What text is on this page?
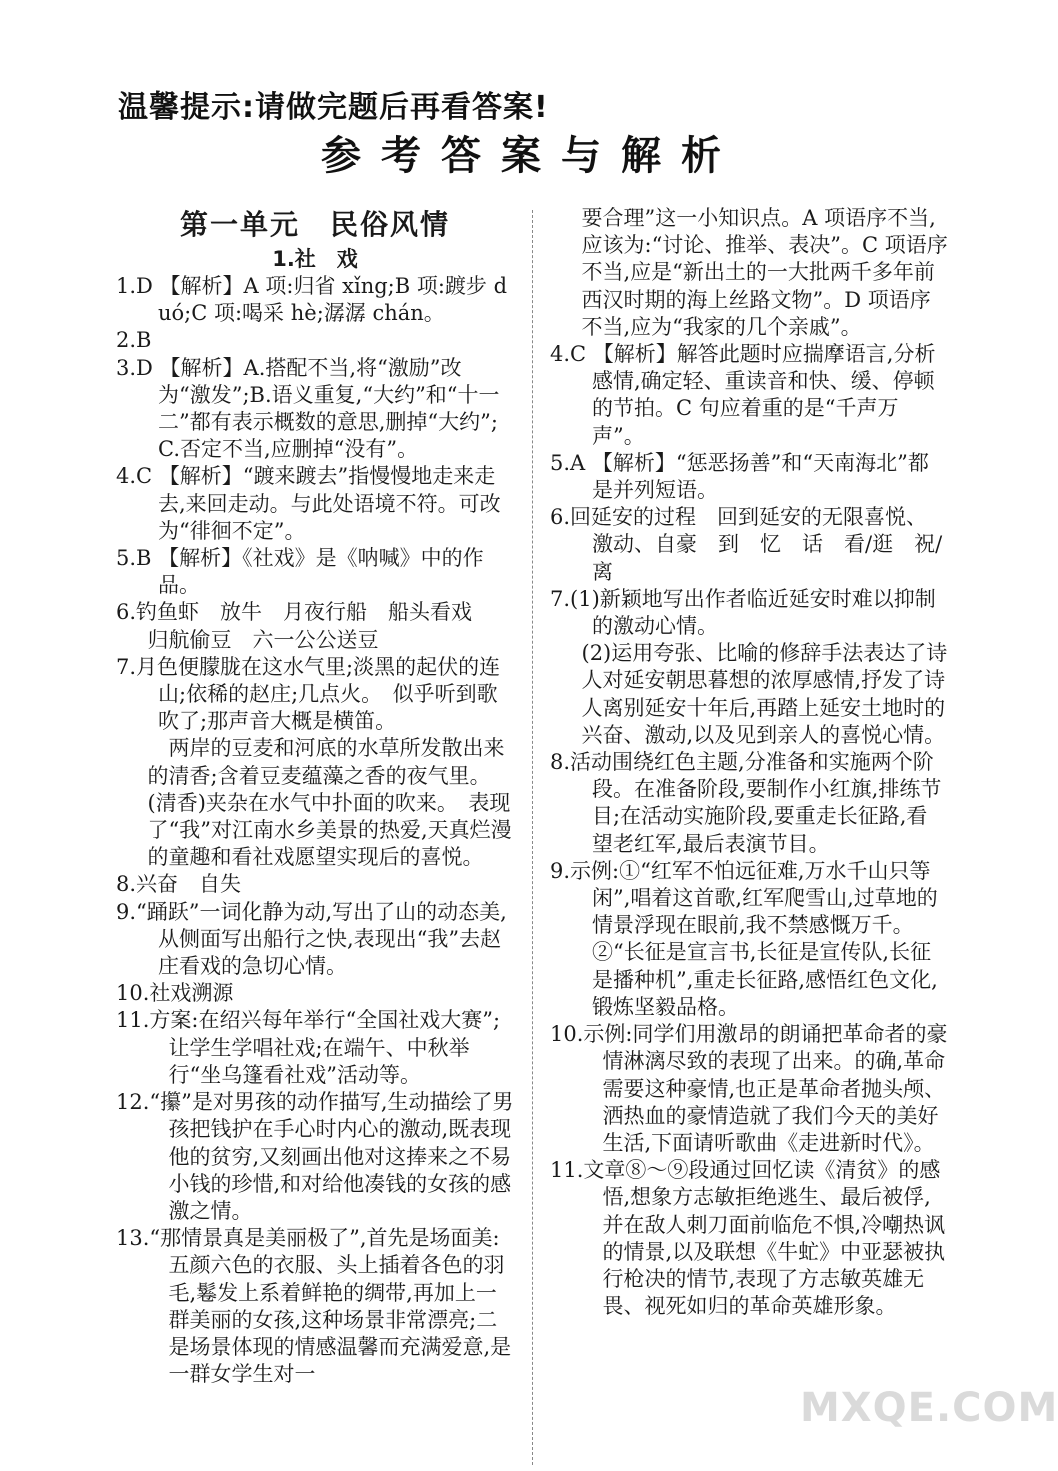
温馨提示:请做完题后再看答案!
参考答案与解析
第一单元　民俗风情
1.社　戏

1.D 【解析】A 项:归省 xǐng;B 项:踱步 duó;C 项:喝采 hè;潺潺 chán。

2.B

3.D 【解析】A.搭配不当,将“激励”改为“激发”;B.语义重复,“大约”和“十一二”都有表示概数的意思,删掉“大约”;C.否定不当,应删掉“没有”。

4.C 【解析】“踱来踱去”指慢慢地走来走去,来回走动。与此处语境不符。可改为“徘徊不定”。

5.B 【解析】《社戏》是《呐喊》中的作品。

6.钓鱼虾　放牛　月夜行船　船头看戏

归航偷豆　六一公公送豆

7.月色便朦胧在这水气里;淡黑的起伏的连山;依稀的赵庄;几点火。　似乎听到歌吹了;那声音大概是横笛。

两岸的豆麦和河底的水草所发散出来的清香;含着豆麦蕴藻之香的夜气里。　(清香)夹杂在水气中扑面的吹来。　表现了“我”对江南水乡美景的热爱,天真烂漫的童趣和看社戏愿望实现后的喜悦。

8.兴奋　自失

9.“踊跃”一词化静为动,写出了山的动态美,从侧面写出船行之快,表现出“我”去赵庄看戏的急切心情。

10.社戏溯源

11.方案:在绍兴每年举行“全国社戏大赛”;让学生学唱社戏;在端午、中秋举行“坐乌篷看社戏”活动等。

12.“攥”是对男孩的动作描写,生动描绘了男孩把钱护在手心时内心的激动,既表现他的贫穷,又刻画出他对这捧来之不易小钱的珍惜,和对给他凑钱的女孩的感激之情。

13.“那情景真是美丽极了”,首先是场面美:五颜六色的衣服、头上插着各色的羽毛,鬈发上系着鲜艳的绸带,再加上一群美丽的女孩,这种场景非常漂亮;二是场景体现的情感温馨而充满爱意,是一群女学生对一

要合理”这一小知识点。A 项语序不当,应该为:“讨论、推举、表决”。C 项语序不当,应是“新出土的一大批两千多年前西汉时期的海上丝路文物”。D 项语序不当,应为“我家的几个亲戚”。

4.C 【解析】解答此题时应揣摩语言,分析感情,确定轻、重读音和快、缓、停顿的节拍。C 句应着重的是“千声万声”。

5.A 【解析】“惩恶扬善”和“天南海北”都是并列短语。

6.回延安的过程　回到延安的无限喜悦、激动、自豪　到　忆　话　看/逛　祝/离

7.(1)新颖地写出作者临近延安时难以抑制的激动心情。

(2)运用夸张、比喻的修辞手法表达了诗人对延安朝思暮想的浓厚感情,抒发了诗人离别延安十年后,再踏上延安土地时的兴奋、激动,以及见到亲人的喜悦心情。

8.活动围绕红色主题,分准备和实施两个阶段。在准备阶段,要制作小红旗,排练节目;在活动实施阶段,要重走长征路,看望老红军,最后表演节目。

9.示例:①“红军不怕远征难,万水千山只等闲”,唱着这首歌,红军爬雪山,过草地的情景浮现在眼前,我不禁感慨万千。②“长征是宣言书,长征是宣传队,长征是播种机”,重走长征路,感悟红色文化,锻炼坚毅品格。

10.示例:同学们用激昂的朗诵把革命者的豪情淋漓尽致的表现了出来。的确,革命需要这种豪情,也正是革命者抛头颅、洒热血的豪情造就了我们今天的美好生活,下面请听歌曲《走进新时代》。

11.文章⑧～⑨段通过回忆读《清贫》的感悟,想象方志敏拒绝逃生、最后被俘,并在敌人刺刀面前临危不惧,冷嘲热讽的情景,以及联想《牛虻》中亚瑟被执行枪决的情节,表现了方志敏英雄无畏、视死如归的革命英雄形象。

MXQE.COM
